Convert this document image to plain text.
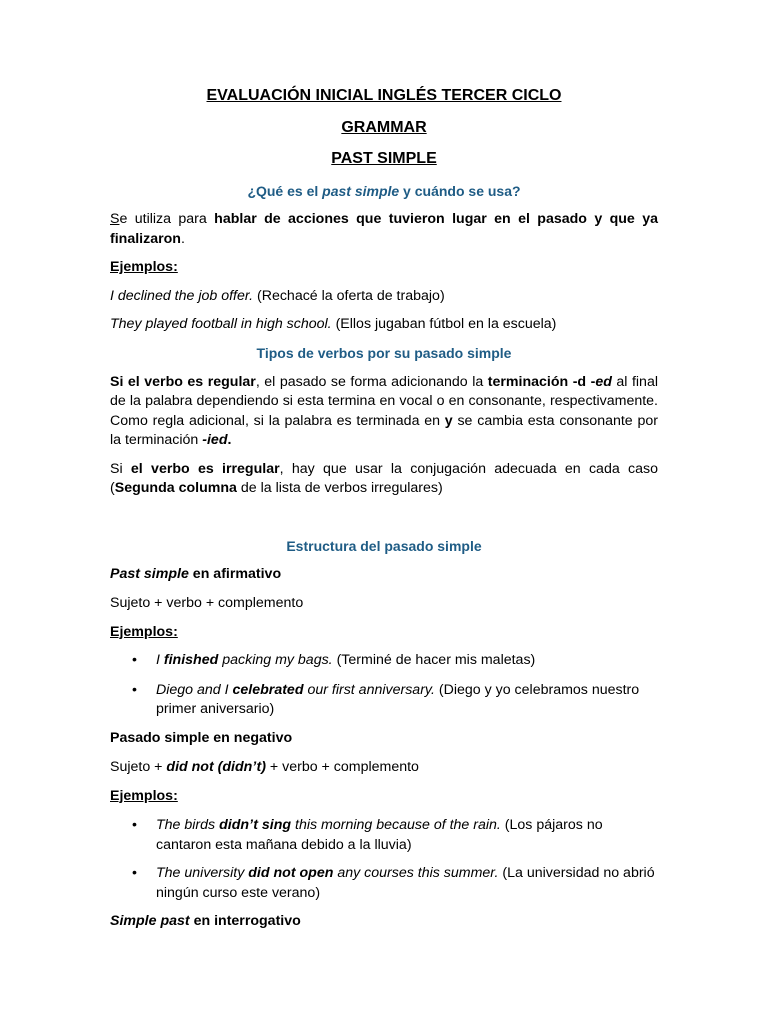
EVALUACIÓN INICIAL INGLÉS TERCER CICLO
GRAMMAR
PAST SIMPLE

¿Qué es el past simple y cuándo se usa?

Se utiliza para hablar de acciones que tuvieron lugar en el pasado y que ya finalizaron.

Ejemplos:

I declined the job offer. (Rechacé la oferta de trabajo)

They played football in high school. (Ellos jugaban fútbol en la escuela)

Tipos de verbos por su pasado simple

Si el verbo es regular, el pasado se forma adicionando la terminación -d -ed al final de la palabra dependiendo si esta termina en vocal o en consonante, respectivamente. Como regla adicional, si la palabra es terminada en y se cambia esta consonante por la terminación -ied.

Si el verbo es irregular, hay que usar la conjugación adecuada en cada caso (Segunda columna de la lista de verbos irregulares)

Estructura del pasado simple

Past simple en afirmativo

Sujeto + verbo + complemento

Ejemplos:

• I finished packing my bags. (Terminé de hacer mis maletas)
• Diego and I celebrated our first anniversary. (Diego y yo celebramos nuestro primer aniversario)

Pasado simple en negativo

Sujeto + did not (didn’t) + verbo + complemento

Ejemplos:

• The birds didn’t sing this morning because of the rain. (Los pájaros no cantaron esta mañana debido a la lluvia)
• The university did not open any courses this summer. (La universidad no abrió ningún curso este verano)

Simple past en interrogativo
